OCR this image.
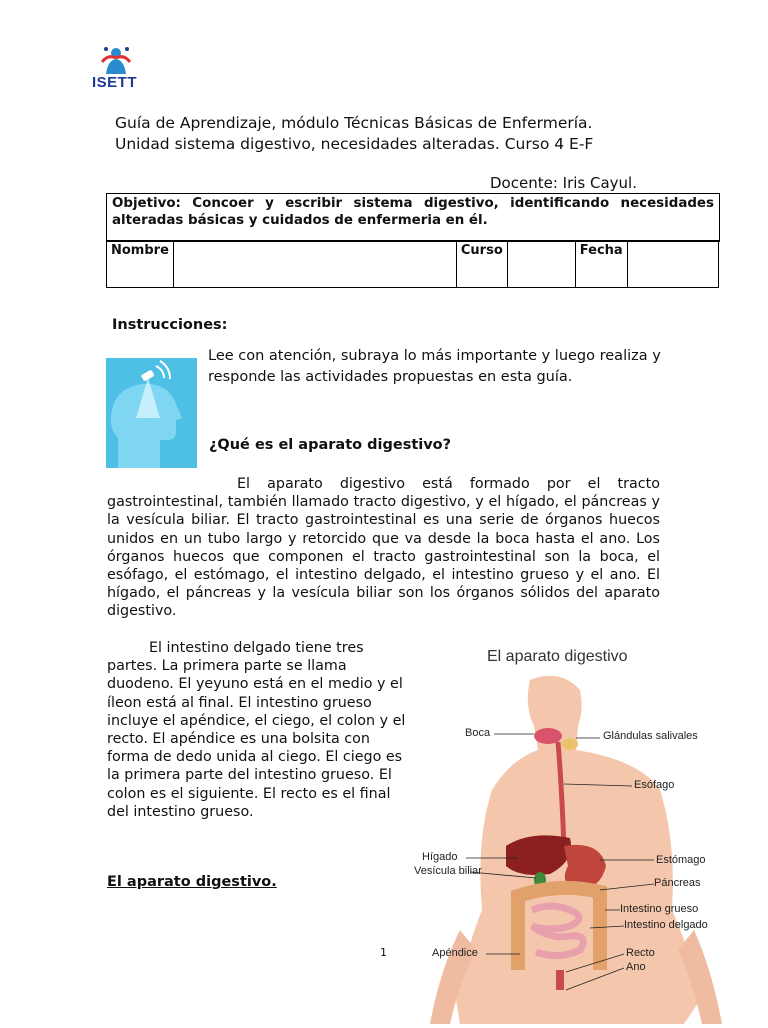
ISETT
Guía de Aprendizaje, módulo Técnicas Básicas de Enfermería.
Unidad sistema digestivo, necesidades alteradas. Curso 4 E-F
Docente: Iris Cayul.
Objetivo: Concoer y escribir sistema digestivo, identificando necesidades alteradas básicas y cuidados de enfermeria en él.
Nombre		Curso		Fecha	
Instrucciones:
Lee con atención, subraya lo más importante y luego realiza y responde las actividades propuestas en esta guía.
¿Qué es el aparato digestivo?
El aparato digestivo está formado por el tracto gastrointestinal, también llamado tracto digestivo, y el hígado, el páncreas y la vesícula biliar. El tracto gastrointestinal es una serie de órganos huecos unidos en un tubo largo y retorcido que va desde la boca hasta el ano. Los órganos huecos que componen el tracto gastrointestinal son la boca, el esófago, el estómago, el intestino delgado, el intestino grueso y el ano. El hígado, el páncreas y la vesícula biliar son los órganos sólidos del aparato digestivo.
El intestino delgado tiene tres partes. La primera parte se llama duodeno. El yeyuno está en el medio y el íleon está al final. El intestino grueso incluye el apéndice, el ciego, el colon y el recto. El apéndice es una bolsita con forma de dedo unida al ciego. El ciego es la primera parte del intestino grueso. El colon es el siguiente. El recto es el final del intestino grueso.
El aparato digestivo.
1
El aparato digestivo
Boca	Glándulas salivales
Esófago
Hígado
Vesícula biliar
Estómago
Páncreas
Intestino grueso
Intestino delgado
Apéndice	Recto
Ano
